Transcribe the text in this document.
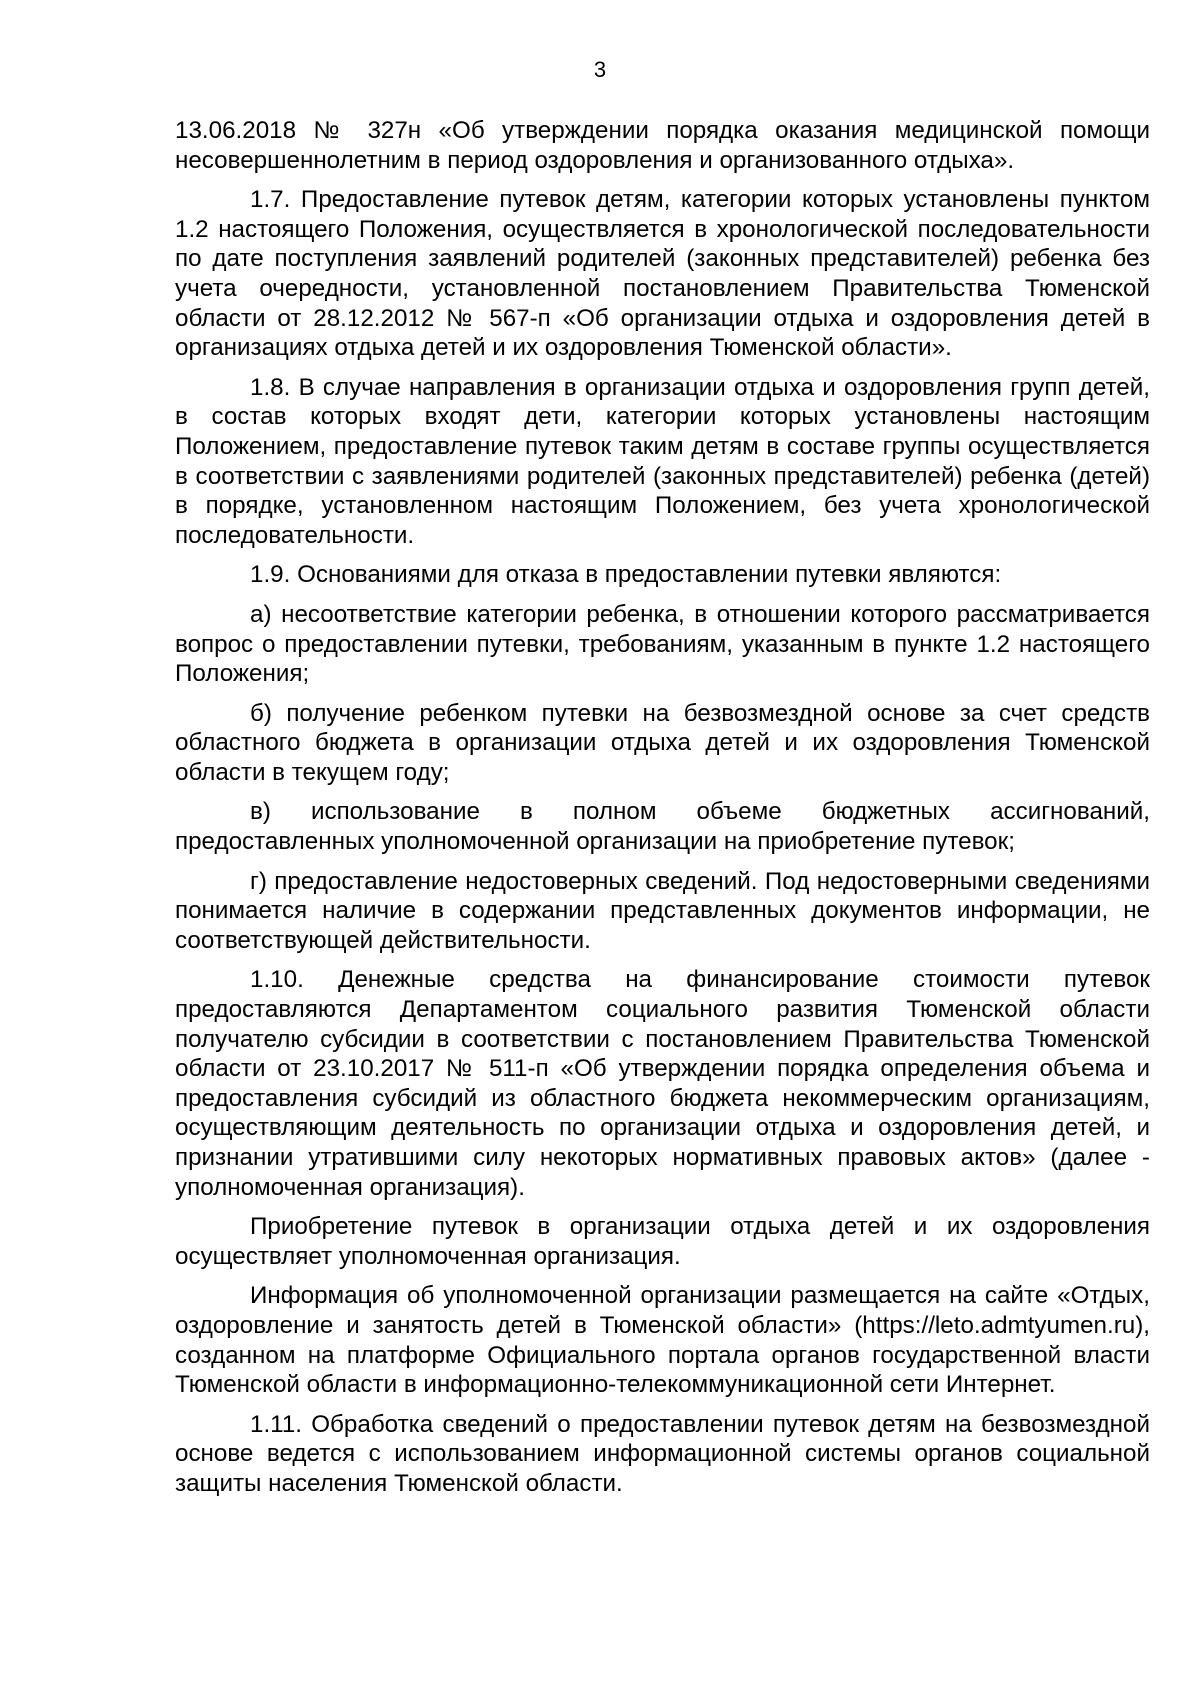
3

13.06.2018 № 327н «Об утверждении порядка оказания медицинской помощи несовершеннолетним в период оздоровления и организованного отдыха».

1.7. Предоставление путевок детям, категории которых установлены пунктом 1.2 настоящего Положения, осуществляется в хронологической последовательности по дате поступления заявлений родителей (законных представителей) ребенка без учета очередности, установленной постановлением Правительства Тюменской области от 28.12.2012 № 567-п «Об организации отдыха и оздоровления детей в организациях отдыха детей и их оздоровления Тюменской области».

1.8. В случае направления в организации отдыха и оздоровления групп детей, в состав которых входят дети, категории которых установлены настоящим Положением, предоставление путевок таким детям в составе группы осуществляется в соответствии с заявлениями родителей (законных представителей) ребенка (детей) в порядке, установленном настоящим Положением, без учета хронологической последовательности.

1.9. Основаниями для отказа в предоставлении путевки являются:

а) несоответствие категории ребенка, в отношении которого рассматривается вопрос о предоставлении путевки, требованиям, указанным в пункте 1.2 настоящего Положения;

б) получение ребенком путевки на безвозмездной основе за счет средств областного бюджета в организации отдыха детей и их оздоровления Тюменской области в текущем году;

в) использование в полном объеме бюджетных ассигнований, предоставленных уполномоченной организации на приобретение путевок;

г) предоставление недостоверных сведений. Под недостоверными сведениями понимается наличие в содержании представленных документов информации, не соответствующей действительности.

1.10. Денежные средства на финансирование стоимости путевок предоставляются Департаментом социального развития Тюменской области получателю субсидии в соответствии с постановлением Правительства Тюменской области от 23.10.2017 № 511-п «Об утверждении порядка определения объема и предоставления субсидий из областного бюджета некоммерческим организациям, осуществляющим деятельность по организации отдыха и оздоровления детей, и признании утратившими силу некоторых нормативных правовых актов» (далее - уполномоченная организация).

Приобретение путевок в организации отдыха детей и их оздоровления осуществляет уполномоченная организация.

Информация об уполномоченной организации размещается на сайте «Отдых, оздоровление и занятость детей в Тюменской области» (https://leto.admtyumen.ru), созданном на платформе Официального портала органов государственной власти Тюменской области в информационно-телекоммуникационной сети Интернет.

1.11. Обработка сведений о предоставлении путевок детям на безвозмездной основе ведется с использованием информационной системы органов социальной защиты населения Тюменской области.
